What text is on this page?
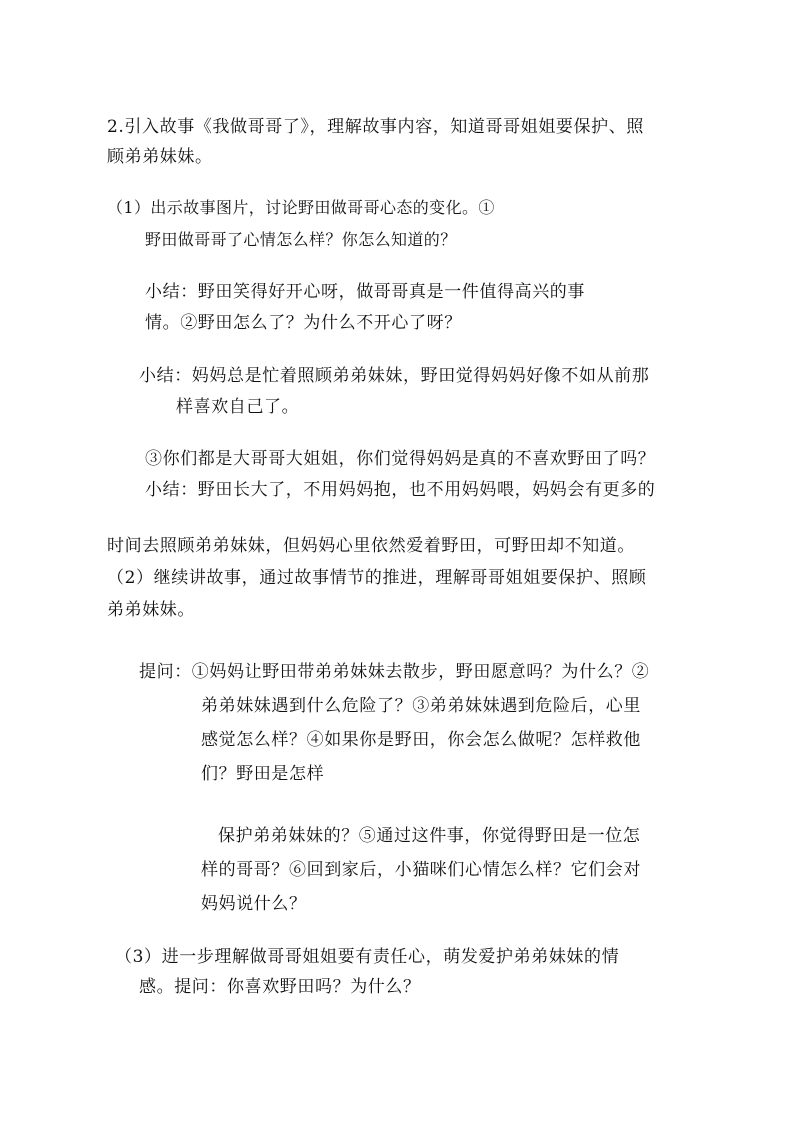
2.引入故事《我做哥哥了》，理解故事内容，知道哥哥姐姐要保护、照
顾弟弟妹妹。
（1）出示故事图片，讨论野田做哥哥心态的变化。①
野田做哥哥了心情怎么样？你怎么知道的？
小结：野田笑得好开心呀，做哥哥真是一件值得高兴的事
情。②野田怎么了？为什么不开心了呀？
小结：妈妈总是忙着照顾弟弟妹妹，野田觉得妈妈好像不如从前那
样喜欢自己了。
③你们都是大哥哥大姐姐，你们觉得妈妈是真的不喜欢野田了吗？
小结：野田长大了，不用妈妈抱，也不用妈妈喂，妈妈会有更多的
时间去照顾弟弟妹妹，但妈妈心里依然爱着野田，可野田却不知道。
（2）继续讲故事，通过故事情节的推进，理解哥哥姐姐要保护、照顾
弟弟妹妹。
提问：①妈妈让野田带弟弟妹妹去散步，野田愿意吗？为什么？②
弟弟妹妹遇到什么危险了？③弟弟妹妹遇到危险后，心里
感觉怎么样？④如果你是野田，你会怎么做呢？怎样救他
们？野田是怎样
保护弟弟妹妹的？⑤通过这件事，你觉得野田是一位怎
样的哥哥？⑥回到家后，小猫咪们心情怎么样？它们会对
妈妈说什么？
（3）进一步理解做哥哥姐姐要有责任心，萌发爱护弟弟妹妹的情
感。提问：你喜欢野田吗？为什么？
